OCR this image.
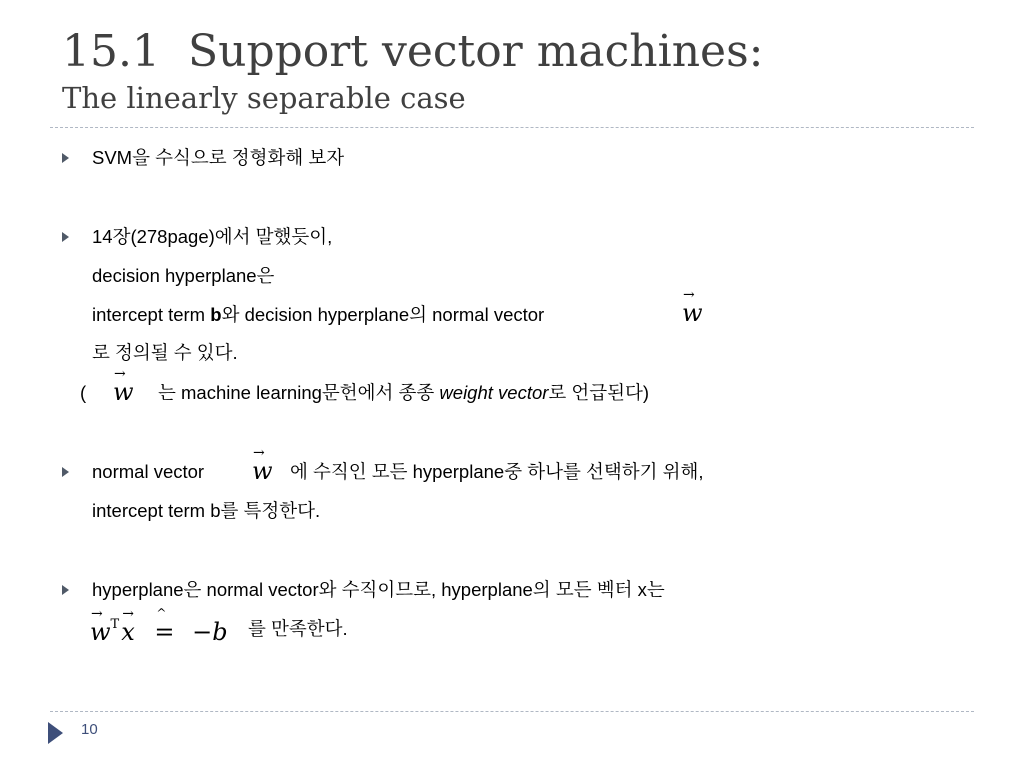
15.1 Support vector machines:
The linearly separable case
SVM을 수식으로 정형화해 보자
14장(278page)에서 말했듯이,
decision hyperplane은
intercept term b와 decision hyperplane의 normal vector
→
w
로 정의될 수 있다.
(
→
w 는 machine learning문헌에서 종종 weight vector로 언급된다)
normal vector
→
w 에 수직인 모든 hyperplane중 하나를 선택하기 위해,
intercept term b를 특정한다.
hyperplane은 normal vector와 수직이므로, hyperplane의 모든 벡터 x는
→
$w^T$
→
x
^
= −b 를 만족한다.
10
